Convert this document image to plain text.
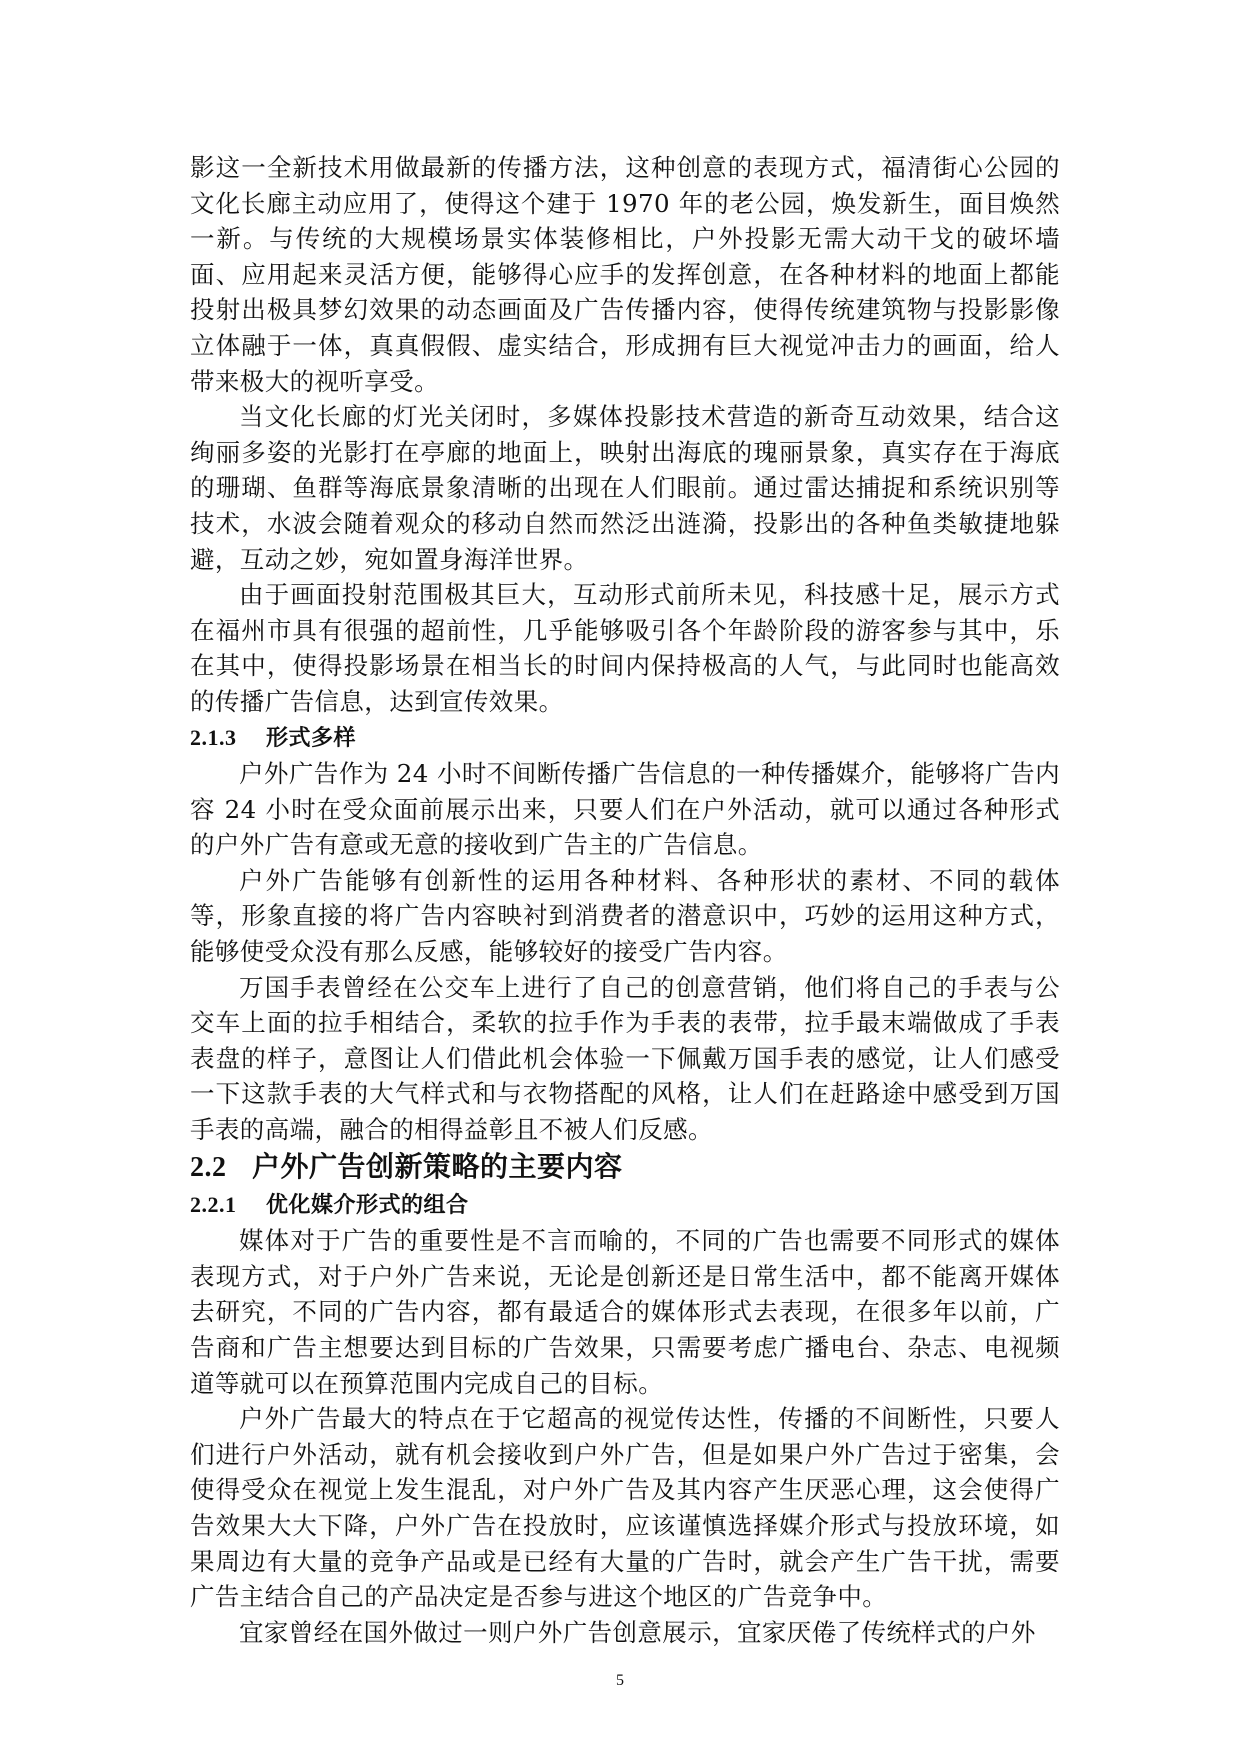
影这一全新技术用做最新的传播方法，这种创意的表现方式，福清街心公园的文化长廊主动应用了，使得这个建于 1970 年的老公园，焕发新生，面目焕然一新。与传统的大规模场景实体装修相比，户外投影无需大动干戈的破坏墙面、应用起来灵活方便，能够得心应手的发挥创意，在各种材料的地面上都能投射出极具梦幻效果的动态画面及广告传播内容，使得传统建筑物与投影影像立体融于一体，真真假假、虚实结合，形成拥有巨大视觉冲击力的画面，给人带来极大的视听享受。

当文化长廊的灯光关闭时，多媒体投影技术营造的新奇互动效果，结合这绚丽多姿的光影打在亭廊的地面上，映射出海底的瑰丽景象，真实存在于海底的珊瑚、鱼群等海底景象清晰的出现在人们眼前。通过雷达捕捉和系统识别等技术，水波会随着观众的移动自然而然泛出涟漪，投影出的各种鱼类敏捷地躲避，互动之妙，宛如置身海洋世界。

由于画面投射范围极其巨大，互动形式前所未见，科技感十足，展示方式在福州市具有很强的超前性，几乎能够吸引各个年龄阶段的游客参与其中，乐在其中，使得投影场景在相当长的时间内保持极高的人气，与此同时也能高效的传播广告信息，达到宣传效果。

2.1.3 形式多样

户外广告作为 24 小时不间断传播广告信息的一种传播媒介，能够将广告内容 24 小时在受众面前展示出来，只要人们在户外活动，就可以通过各种形式的户外广告有意或无意的接收到广告主的广告信息。

户外广告能够有创新性的运用各种材料、各种形状的素材、不同的载体等，形象直接的将广告内容映衬到消费者的潜意识中，巧妙的运用这种方式，能够使受众没有那么反感，能够较好的接受广告内容。

万国手表曾经在公交车上进行了自己的创意营销，他们将自己的手表与公交车上面的拉手相结合，柔软的拉手作为手表的表带，拉手最末端做成了手表表盘的样子，意图让人们借此机会体验一下佩戴万国手表的感觉，让人们感受一下这款手表的大气样式和与衣物搭配的风格，让人们在赶路途中感受到万国手表的高端，融合的相得益彰且不被人们反感。

2.2 户外广告创新策略的主要内容
2.2.1 优化媒介形式的组合

媒体对于广告的重要性是不言而喻的，不同的广告也需要不同形式的媒体表现方式，对于户外广告来说，无论是创新还是日常生活中，都不能离开媒体去研究，不同的广告内容，都有最适合的媒体形式去表现，在很多年以前，广告商和广告主想要达到目标的广告效果，只需要考虑广播电台、杂志、电视频道等就可以在预算范围内完成自己的目标。

户外广告最大的特点在于它超高的视觉传达性，传播的不间断性，只要人们进行户外活动，就有机会接收到户外广告，但是如果户外广告过于密集，会使得受众在视觉上发生混乱，对户外广告及其内容产生厌恶心理，这会使得广告效果大大下降，户外广告在投放时，应该谨慎选择媒介形式与投放环境，如果周边有大量的竞争产品或是已经有大量的广告时，就会产生广告干扰，需要广告主结合自己的产品决定是否参与进这个地区的广告竞争中。

宜家曾经在国外做过一则户外广告创意展示，宜家厌倦了传统样式的户外

5
